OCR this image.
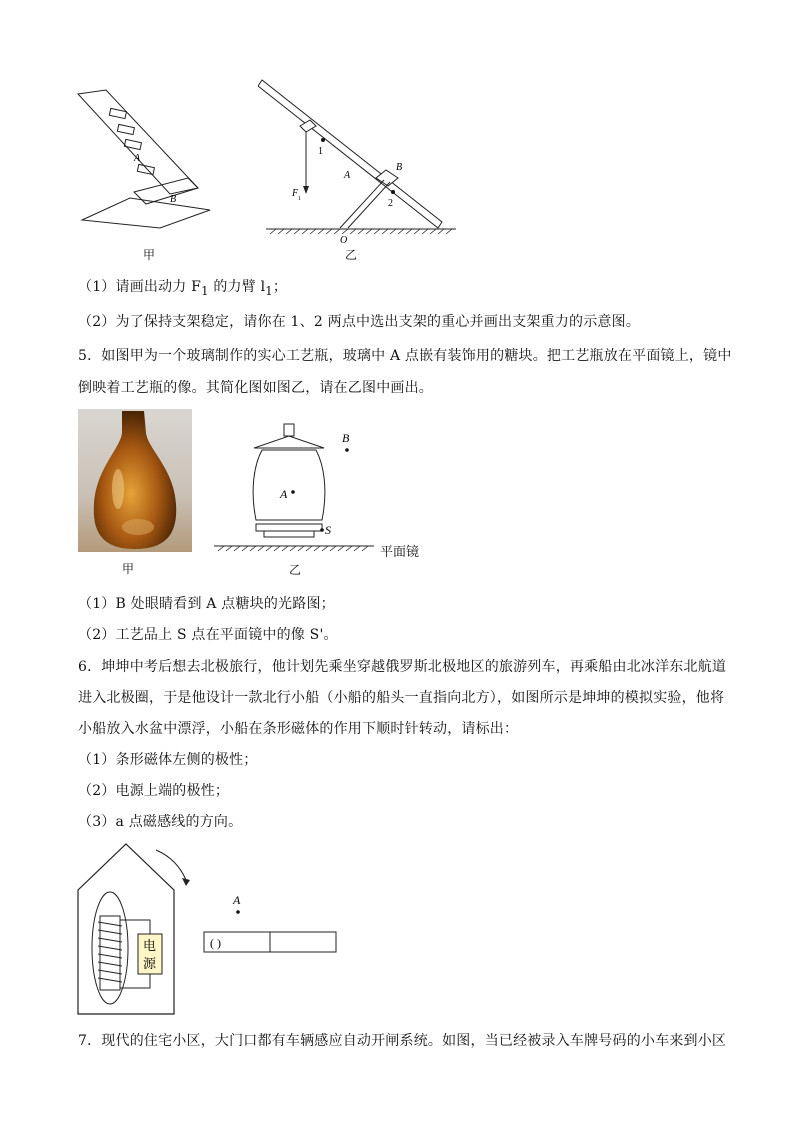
A
B
甲
1
A
B
F 1	2
O
乙
（1）请画出动力 $F_1$ 的力臂 $l_1$；
（2）为了保持支架稳定，请你在 1、2 两点中选出支架的重心并画出支架重力的示意图。
5．如图甲为一个玻璃制作的实心工艺瓶，玻璃中 A 点嵌有装饰用的糖块。把工艺瓶放在平面镜上，镜中
倒映着工艺瓶的像。其简化图如图乙，请在乙图中画出。
甲
A
B
S
平面镜
乙
（1）B 处眼睛看到 A 点糖块的光路图；
（2）工艺品上 S 点在平面镜中的像 S'。
6．坤坤中考后想去北极旅行，他计划先乘坐穿越俄罗斯北极地区的旅游列车，再乘船由北冰洋东北航道
进入北极圈，于是他设计一款北行小船（小船的船头一直指向北方），如图所示是坤坤的模拟实验，他将
小船放入水盆中漂浮，小船在条形磁体的作用下顺时针转动，请标出：
（1）条形磁体左侧的极性；
（2）电源上端的极性；
（3）a 点磁感线的方向。
电
源
( )
A
7．现代的住宅小区，大门口都有车辆感应自动开闸系统。如图，当已经被录入车牌号码的小车来到小区
